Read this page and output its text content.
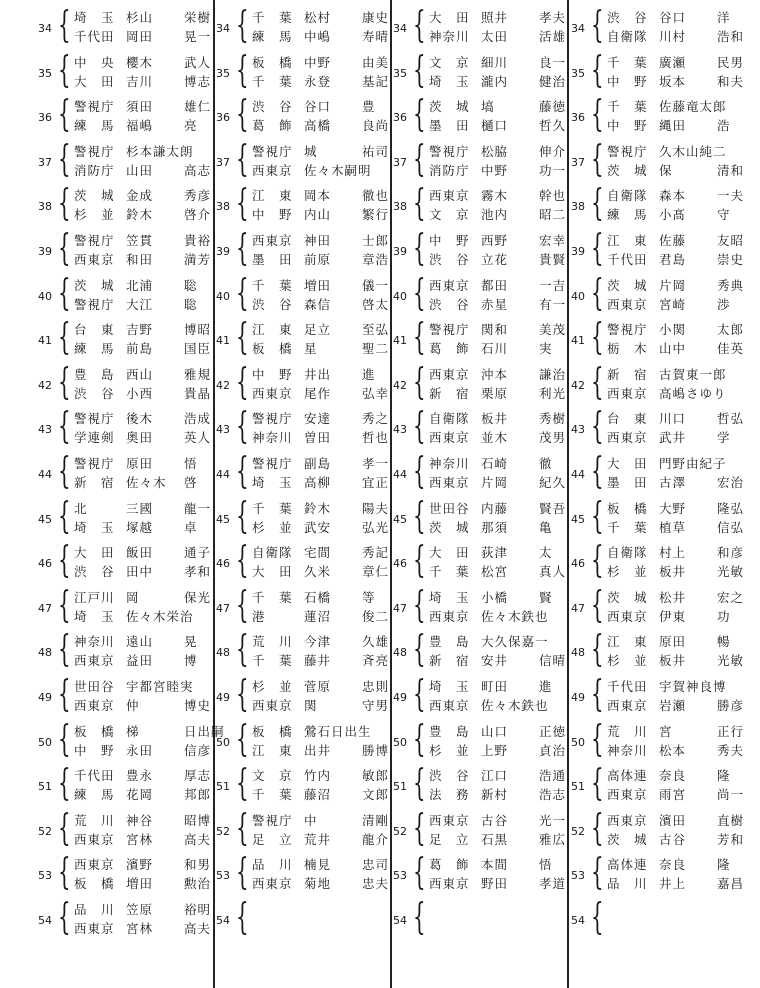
34 { 埼　玉 杉山	栄樹
千代田 岡田	晃一
35 { 中　央 櫻木	武人
大　田 吉川	博志
36 { 警視庁 須田	雄仁
練　馬 福嶋	亮
37 { 警視庁 杉本謙太朗
消防庁 山田	高志
38 { 茨　城 金成	秀彦
杉　並 鈴木	啓介
39 { 警視庁 笠貫	貴裕
西東京 和田	満芳
40 { 茨　城 北浦	聡
警視庁 大江	聡
41 { 台　東 吉野	博昭
練　馬 前島	国臣
42 { 豊　島 西山	雅規
渋　谷 小西	貴晶
43 { 警視庁 後木	浩成
学連剣 奥田	英人
44 { 警視庁 原田	悟
新　宿 佐々木	啓
45 { 北	三國	龍一
埼　玉 塚越	卓
46 { 大　田 飯田	通子
渋　谷 田中	孝和
47 { 江戸川 岡	保光
埼　玉 佐々木栄治
48 { 神奈川 遠山	晃
西東京 益田	博
49 { 世田谷 宇都宮睦実
西東京 仲	博史
50 { 板　橋 梯	日出嗣
中　野 永田	信彦
51 { 千代田 豊永	厚志
練　馬 花岡	邦郎
52 { 荒　川 神谷	昭博
西東京 宮林	高夫
53 { 西東京 濱野	和男
板　橋 増田	勲治
54 { 品　川 笠原	裕明
西東京 宮林	高夫
34 { 千　葉 松村	康史
練　馬 中嶋	寿晴
35 { 板　橋 中野	由美
千　葉 永登	基記
36 { 渋　谷 谷口	豊
葛　飾 高橋	良尚
37 { 警視庁 城	祐司
西東京 佐々木嗣明
38 { 江　東 岡本	徹也
中　野 内山	繁行
39 { 西東京 神田	士郎
墨　田 前原	章浩
40 { 千　葉 増田	儀一
渋　谷 森信	啓太
41 { 江　東 足立	至弘
板　橋 星	聖二
42 { 中　野 井出	進
西東京 尾作	弘幸
43 { 警視庁 安達	秀之
神奈川 曽田	哲也
44 { 警視庁 副島	孝一
埼　玉 高柳	宜正
45 { 千　葉 鈴木	陽夫
杉　並 武安	弘光
46 { 自衛隊 宅間	秀記
大　田 久米	章仁
47 { 千　葉 石橋	等
港	蓮沼	俊二
48 { 荒　川 今津	久雄
千　葉 藤井	斉亮
49 { 杉　並 菅原	忠則
西東京 関	守男
50 { 板　橋 鶯石日出生
江　東 出井	勝博
51 { 文　京 竹内	敏郎
千　葉 藤沼	文郎
52 { 警視庁 中	清剛
足　立 荒井	龍介
53 { 品　川 楠見	忠司
西東京 菊地	忠夫
54 {
34 { 大　田 照井	孝夫
神奈川 太田	活雄
35 { 文　京 細川	良一
埼　玉 瀧内	健治
36 { 茨　城 塙	藤徳
墨　田 樋口	哲久
37 { 警視庁 松脇	伸介
消防庁 中野	功一
38 { 西東京 霧木	幹也
文　京 池内	昭二
39 { 中　野 西野	宏幸
渋　谷 立花	貴賢
40 { 西東京 都田	一吉
渋　谷 赤星	有一
41 { 警視庁 関和	美茂
葛　飾 石川	実
42 { 西東京 沖本	謙治
新　宿 栗原	利光
43 { 自衛隊 板井	秀樹
西東京 並木	茂男
44 { 神奈川 石崎	徹
西東京 片岡	紀久
45 { 世田谷 内藤	賢吾
茨　城 那須	亀
46 { 大　田 荻津	太
千　葉 松宮	真人
47 { 埼　玉 小橋	賢
西東京 佐々木鉄也
48 { 豊　島 大久保嘉一
新　宿 安井	信晴
49 { 埼　玉 町田	進
西東京 佐々木鉄也
50 { 豊　島 山口	正徳
杉　並 上野	貞治
51 { 渋　谷 江口	浩通
法　務 新村	浩志
52 { 西東京 古谷	光一
足　立 石黒	雅広
53 { 葛　飾 本間	悟
西東京 野田	孝道
54 {
34 { 渋　谷 谷口	洋
自衛隊 川村	浩和
35 { 千　葉 廣瀬	民男
中　野 坂本	和夫
36 { 千　葉 佐藤竜太郎
中　野 縄田	浩
37 { 警視庁 久木山純二
茨　城 保	清和
38 { 自衛隊 森本	一夫
練　馬 小髙	守
39 { 江　東 佐藤	友昭
千代田 君島	崇史
40 { 茨　城 片岡	秀典
西東京 宮崎	渉
41 { 警視庁 小関	太郎
栃　木 山中	佳英
42 { 新　宿 古賀東一郎
西東京 高嶋さゆり
43 { 台　東 川口	哲弘
西東京 武井	学
44 { 大　田 門野由紀子
墨　田 古澤	宏治
45 { 板　橋 大野	隆弘
千　葉 植草	信弘
46 { 自衛隊 村上	和彦
杉　並 板井	光敏
47 { 茨　城 松井	宏之
西東京 伊東	功
48 { 江　東 原田	暢
杉　並 板井	光敏
49 { 千代田 宇賀神良博
西東京 岩瀬	勝彦
50 { 荒　川 宮	正行
神奈川 松本	秀夫
51 { 高体連 奈良	隆
西東京 雨宮	尚一
52 { 西東京 濱田	直樹
茨　城 古谷	芳和
53 { 高体連 奈良	隆
品　川 井上	嘉昌
54 {
